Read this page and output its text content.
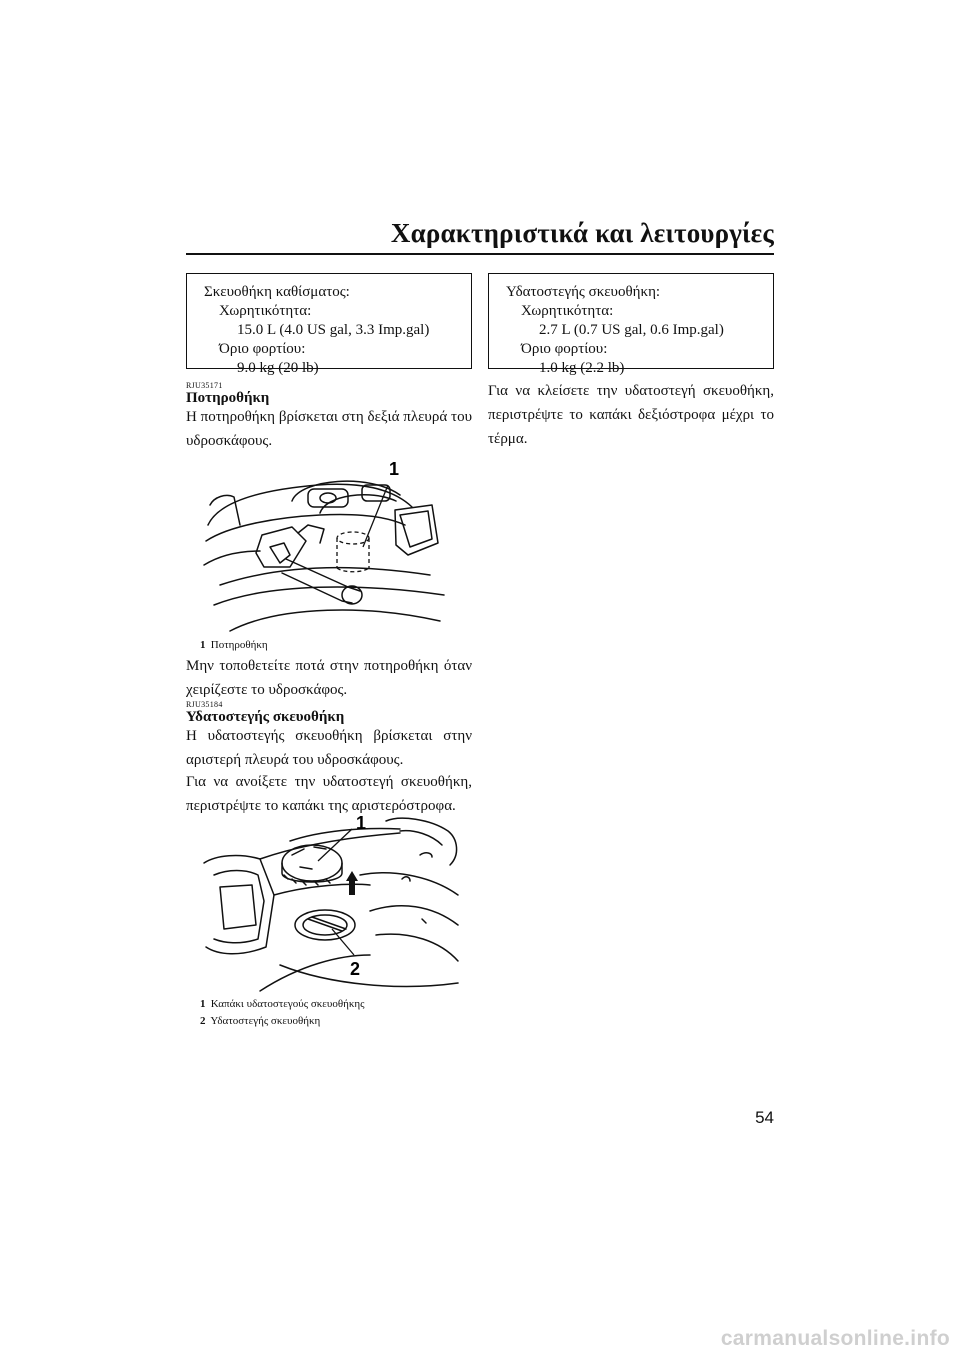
Χαρακτηριστικά και λειτουργίες
Σκευοθήκη καθίσματος:
Χωρητικότητα:
15.0 L (4.0 US gal, 3.3 Imp.gal)
Όριο φορτίου:
9.0 kg (20 lb)
Υδατοστεγής σκευοθήκη:
Χωρητικότητα:
2.7 L (0.7 US gal, 0.6 Imp.gal)
Όριο φορτίου:
1.0 kg (2.2 lb)
RJU35171
Ποτηροθήκη
Η ποτηροθήκη βρίσκεται στη δεξιά πλευρά του υδροσκάφους.
1
1 Ποτηροθήκη
Μην τοποθετείτε ποτά στην ποτηροθήκη όταν χειρίζεστε το υδροσκάφος.
RJU35184
Υδατοστεγής σκευοθήκη
Η υδατοστεγής σκευοθήκη βρίσκεται στην αριστερή πλευρά του υδροσκάφους.
Για να ανοίξετε την υδατοστεγή σκευοθήκη, περιστρέψτε το καπάκι της αριστερόστροφα.
1
2
1 Καπάκι υδατοστεγούς σκευοθήκης
2 Υδατοστεγής σκευοθήκη
Για να κλείσετε την υδατοστεγή σκευοθήκη, περιστρέψτε το καπάκι δεξιόστροφα μέχρι το τέρμα.
54
carmanualsonline.info
